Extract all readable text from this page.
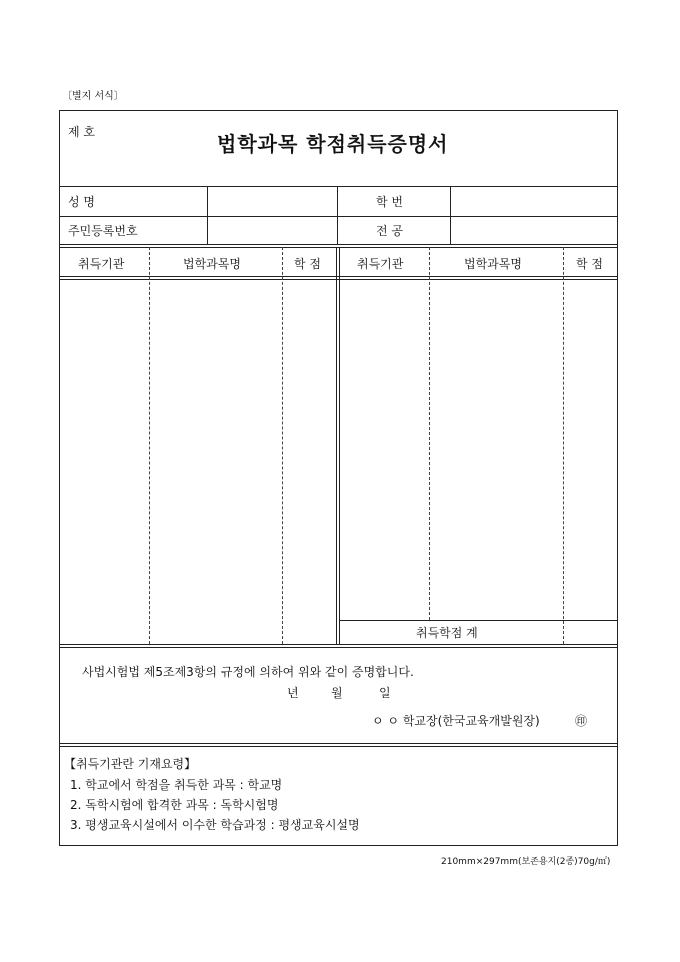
〔별지 서식〕
제 호	법학과목 학점취득증명서
성 명	학 번
주민등록번호	전 공
취득기관	법학과목명	학 점	취득기관	법학과목명	학 점
취득학점 계
사법시험법 제5조제3항의 규정에 의하여 위와 같이 증명합니다.
년	월	일
ㅇ ㅇ 학교장(한국교육개발원장)	㊞
【취득기관란 기재요령】
1. 학교에서 학점을 취득한 과목 : 학교명
2. 독학시험에 합격한 과목 : 독학시험명
3. 평생교육시설에서 이수한 학습과정 : 평생교육시설명
210mm×297mm(보존용지(2종)70g/㎡)
